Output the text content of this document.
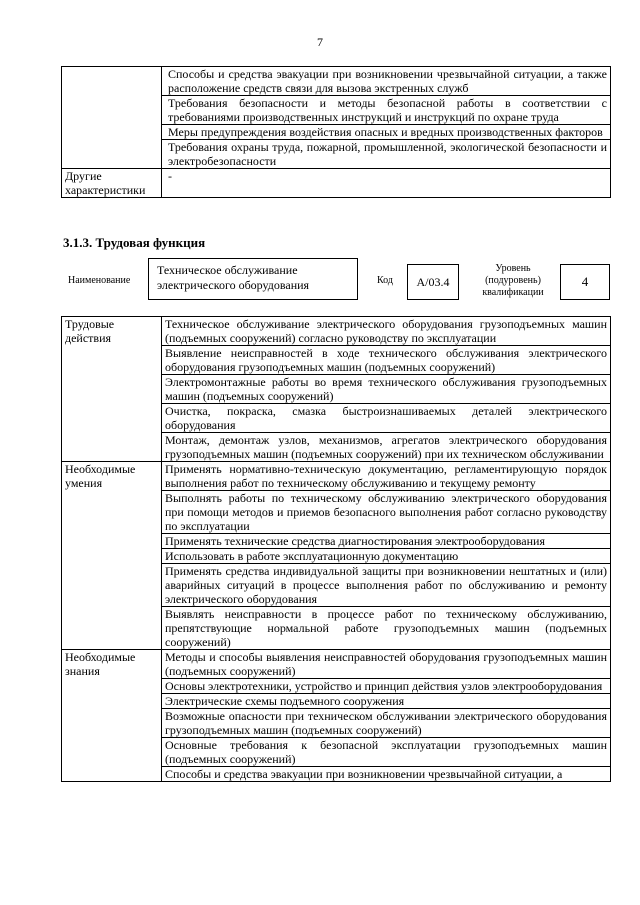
7
	Способы и средства эвакуации при возникновении чрезвычайной ситуации, а также расположение средств связи для вызова экстренных служб
	Требования безопасности и методы безопасной работы в соответствии с требованиями производственных инструкций и инструкций по охране труда
	Меры предупреждения воздействия опасных и вредных производственных факторов
	Требования охраны труда, пожарной, промышленной, экологической безопасности и электробезопасности
Другие характеристики	-
3.1.3. Трудовая функция
Наименование
Техническое обслуживание электрического оборудования	Код	A/03.4
Уровень (подуровень) квалификации
4
Трудовые действия	Техническое обслуживание электрического оборудования грузоподъемных машин (подъемных сооружений) согласно руководству по эксплуатации
	Выявление неисправностей в ходе технического обслуживания электрического оборудования грузоподъемных машин (подъемных сооружений)
	Электромонтажные работы во время технического обслуживания грузоподъемных машин (подъемных сооружений)
	Очистка, покраска, смазка быстроизнашиваемых деталей электрического оборудования
	Монтаж, демонтаж узлов, механизмов, агрегатов электрического оборудования грузоподъемных машин (подъемных сооружений) при их техническом обслуживании
Необходимые умения	Применять нормативно-техническую документацию, регламентирующую порядок выполнения работ по техническому обслуживанию и текущему ремонту
	Выполнять работы по техническому обслуживанию электрического оборудования при помощи методов и приемов безопасного выполнения работ согласно руководству по эксплуатации
	Применять технические средства диагностирования электрооборудования
	Использовать в работе эксплуатационную документацию
	Применять средства индивидуальной защиты при возникновении нештатных и (или) аварийных ситуаций в процессе выполнения работ по обслуживанию и ремонту электрического оборудования
	Выявлять неисправности в процессе работ по техническому обслуживанию, препятствующие нормальной работе грузоподъемных машин (подъемных сооружений)
Необходимые знания	Методы и способы выявления неисправностей оборудования грузоподъемных машин (подъемных сооружений)
	Основы электротехники, устройство и принцип действия узлов электрооборудования
	Электрические схемы подъемного сооружения
	Возможные опасности при техническом обслуживании электрического оборудования грузоподъемных машин (подъемных сооружений)
	Основные требования к безопасной эксплуатации грузоподъемных машин (подъемных сооружений)
	Способы и средства эвакуации при возникновении чрезвычайной ситуации, а
